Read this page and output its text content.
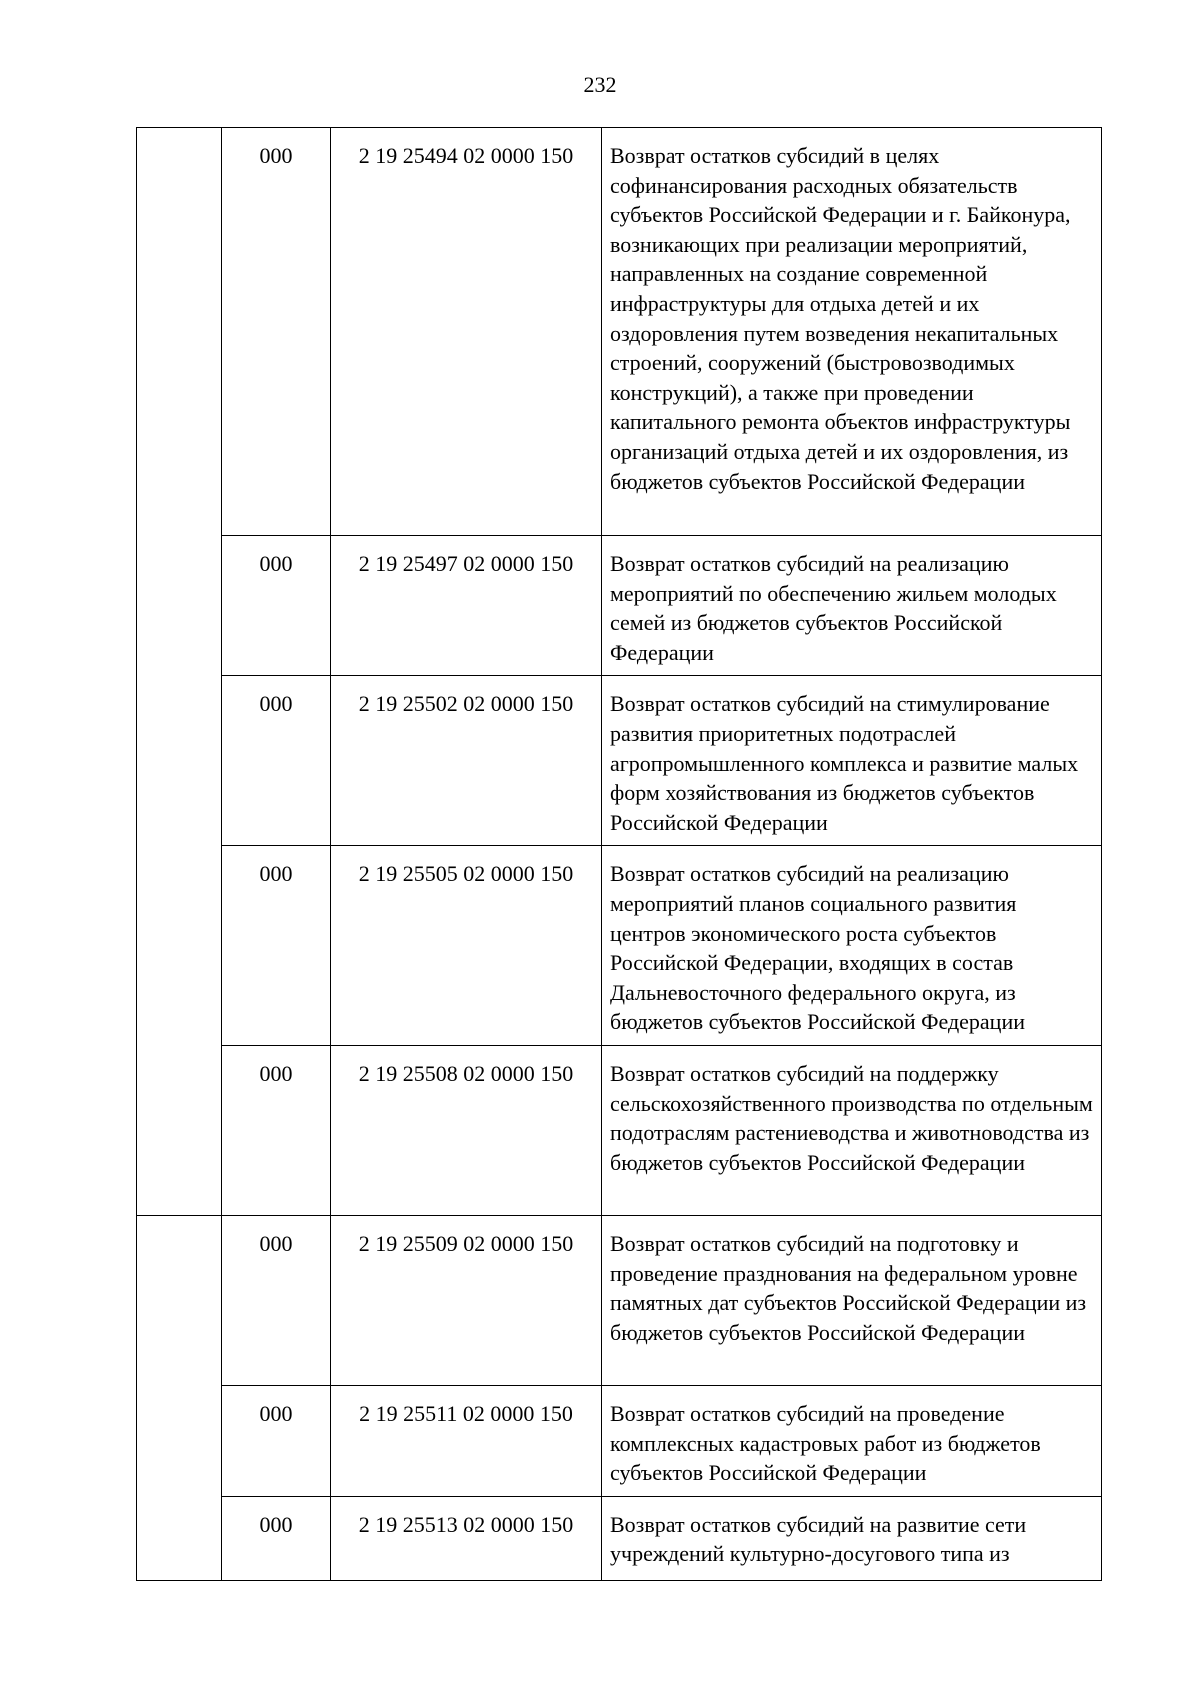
232
	000	2 19 25494 02 0000 150	Возврат остатков субсидий в целях софинансирования расходных обязательств субъектов Российской Федерации и г. Байконура, возникающих при реализации мероприятий, направленных на создание современной инфраструктуры для отдыха детей и их оздоровления путем возведения некапитальных строений, сооружений (быстровозводимых конструкций), а также при проведении капитального ремонта объектов инфраструктуры организаций отдыха детей и их оздоровления, из бюджетов субъектов Российской Федерации

	000	2 19 25497 02 0000 150	Возврат остатков субсидий на реализацию мероприятий по обеспечению жильем молодых семей из бюджетов субъектов Российской Федерации

	000	2 19 25502 02 0000 150	Возврат остатков субсидий на стимулирование развития приоритетных подотраслей агропромышленного комплекса и развитие малых форм хозяйствования из бюджетов субъектов Российской Федерации

	000	2 19 25505 02 0000 150	Возврат остатков субсидий на реализацию мероприятий планов социального развития центров экономического роста субъектов Российской Федерации, входящих в состав Дальневосточного федерального округа, из бюджетов субъектов Российской Федерации

	000	2 19 25508 02 0000 150	Возврат остатков субсидий на поддержку сельскохозяйственного производства по отдельным подотраслям растениеводства и животноводства из бюджетов субъектов Российской Федерации

	000	2 19 25509 02 0000 150	Возврат остатков субсидий на подготовку и проведение празднования на федеральном уровне памятных дат субъектов Российской Федерации из бюджетов субъектов Российской Федерации

	000	2 19 25511 02 0000 150	Возврат остатков субсидий на проведение комплексных кадастровых работ из бюджетов субъектов Российской Федерации

	000	2 19 25513 02 0000 150	Возврат остатков субсидий на развитие сети учреждений культурно-досугового типа из
